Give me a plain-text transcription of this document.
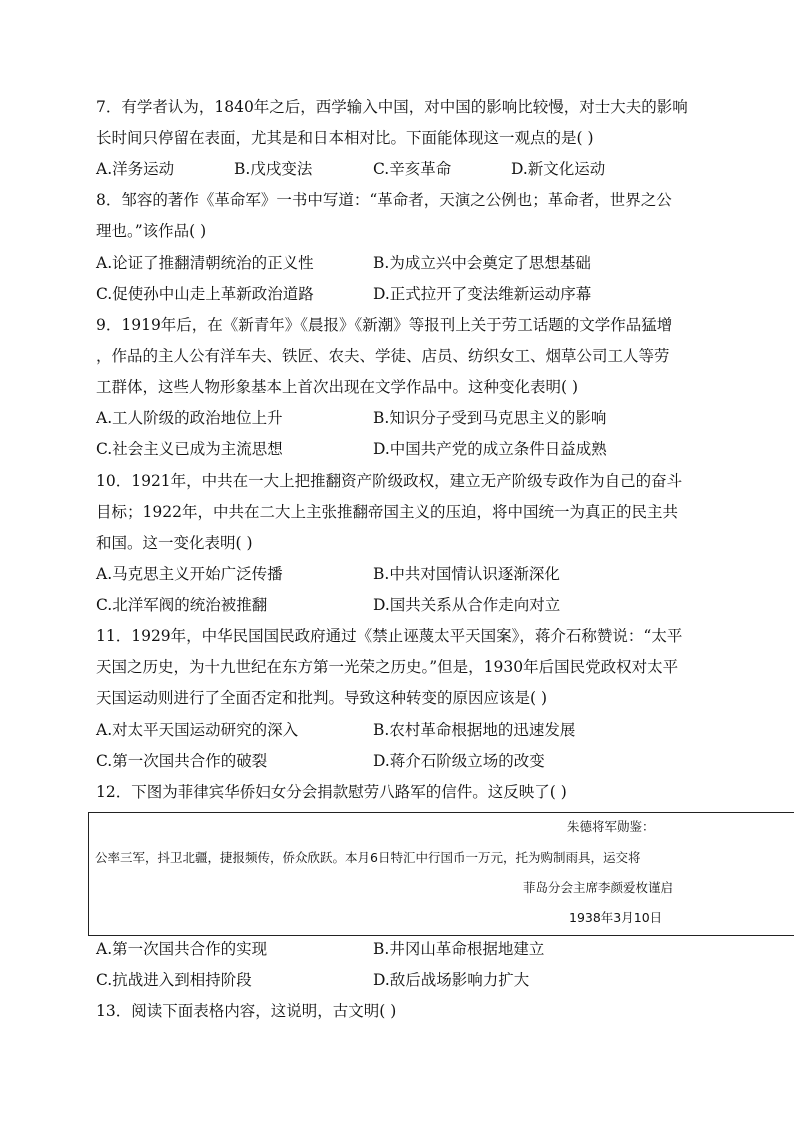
7．有学者认为，1840年之后，西学输入中国，对中国的影响比较慢，对士大夫的影响
长时间只停留在表面，尤其是和日本相对比。下面能体现这一观点的是( )
A.洋务运动	B.戊戌变法	C.辛亥革命	D.新文化运动
8．邹容的著作《革命军》一书中写道：“革命者，天演之公例也；革命者，世界之公
理也。”该作品( )
A.论证了推翻清朝统治的正义性	B.为成立兴中会奠定了思想基础
C.促使孙中山走上革新政治道路	D.正式拉开了变法维新运动序幕
9．1919年后，在《新青年》《晨报》《新潮》等报刊上关于劳工话题的文学作品猛增
，作品的主人公有洋车夫、铁匠、农夫、学徒、店员、纺织女工、烟草公司工人等劳
工群体，这些人物形象基本上首次出现在文学作品中。这种变化表明( )
A.工人阶级的政治地位上升	B.知识分子受到马克思主义的影响
C.社会主义已成为主流思想	D.中国共产党的成立条件日益成熟
10．1921年，中共在一大上把推翻资产阶级政权，建立无产阶级专政作为自己的奋斗
目标；1922年，中共在二大上主张推翻帝国主义的压迫，将中国统一为真正的民主共
和国。这一变化表明( )
A.马克思主义开始广泛传播	B.中共对国情认识逐渐深化
C.北洋军阀的统治被推翻	D.国共关系从合作走向对立
11．1929年，中华民国国民政府通过《禁止诬蔑太平天国案》，蒋介石称赞说：“太平
天国之历史，为十九世纪在东方第一光荣之历史。”但是，1930年后国民党政权对太平
天国运动则进行了全面否定和批判。导致这种转变的原因应该是( )
A.对太平天国运动研究的深入	B.农村革命根据地的迅速发展
C.第一次国共合作的破裂	D.蒋介石阶级立场的改变
12．下图为菲律宾华侨妇女分会捐款慰劳八路军的信件。这反映了( )
朱德将军勋鉴：
公率三军，抖卫北疆，捷报频传，侨众欣跃。本月6日特汇中行国币一万元，托为购制雨具，运交将
菲岛分会主席李颜爱枚谨启
1938年3月10日
A.第一次国共合作的实现	B.井冈山革命根据地建立
C.抗战进入到相持阶段	D.敌后战场影响力扩大
13．阅读下面表格内容，这说明，古文明( )
